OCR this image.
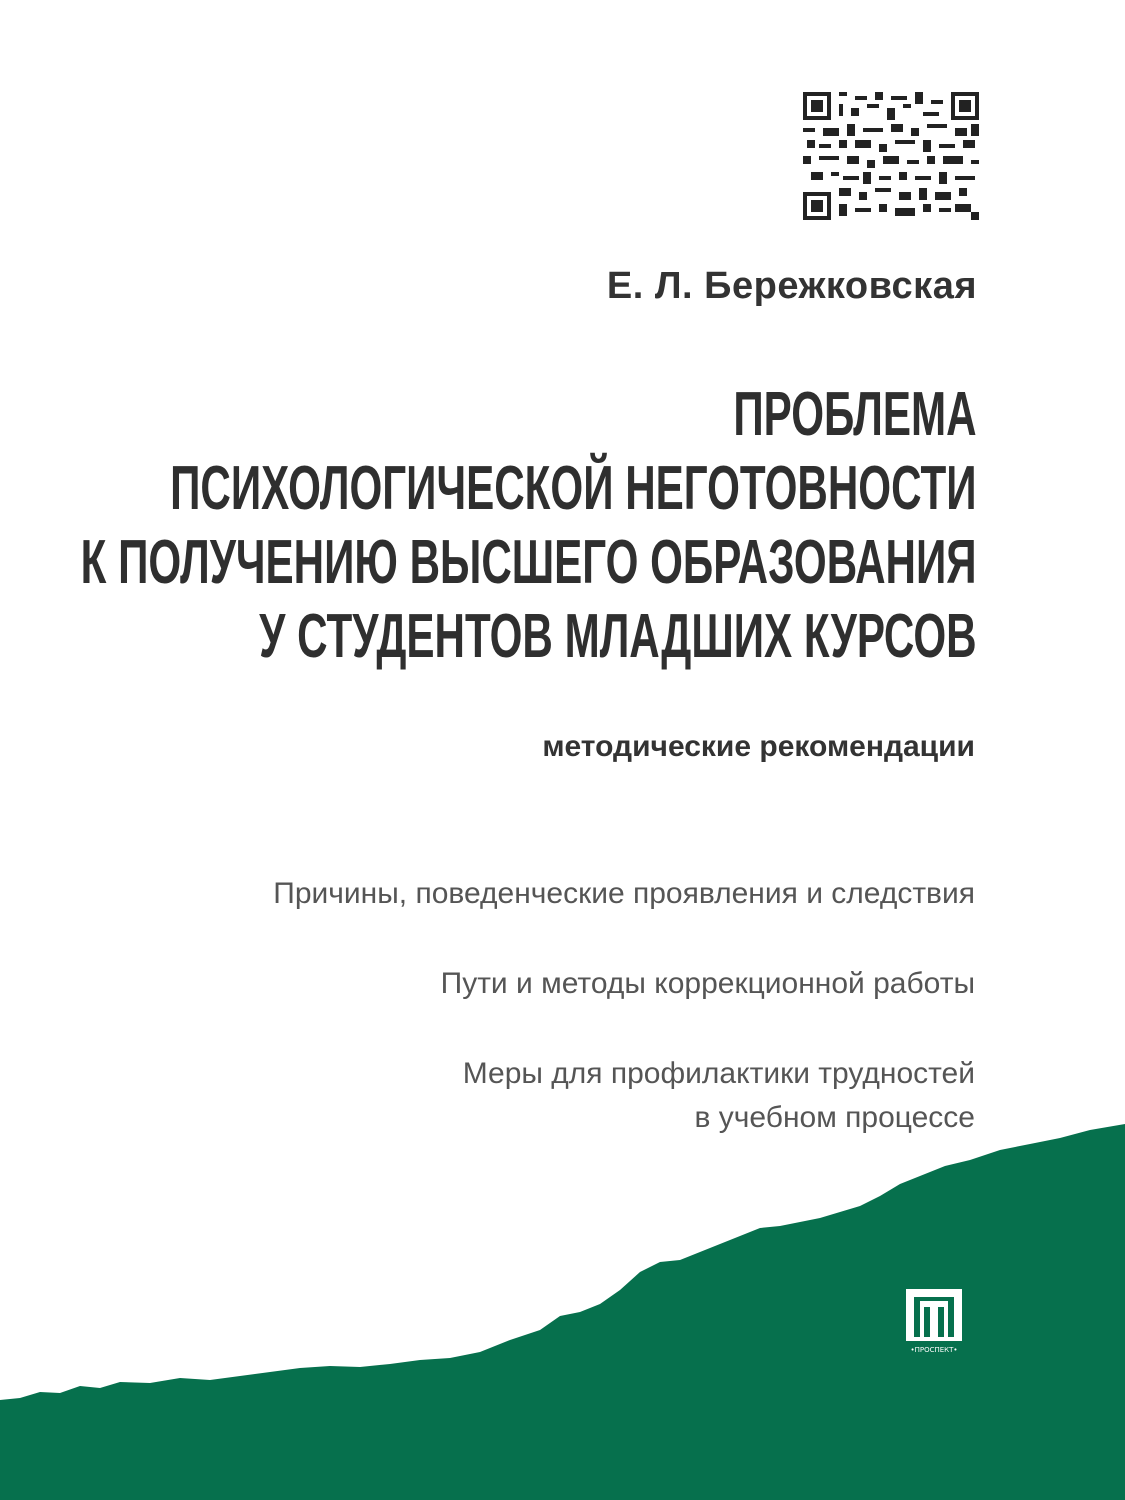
Е. Л. Бережковская
ПРОБЛЕМА
ПСИХОЛОГИЧЕСКОЙ НЕГОТОВНОСТИ
К ПОЛУЧЕНИЮ ВЫСШЕГО ОБРАЗОВАНИЯ
У СТУДЕНТОВ МЛАДШИХ КУРСОВ
методические рекомендации
Причины, поведенческие проявления и следствия
Пути и методы коррекционной работы
Меры для профилактики трудностей
в учебном процессе
•ПРОСПЕКТ•
